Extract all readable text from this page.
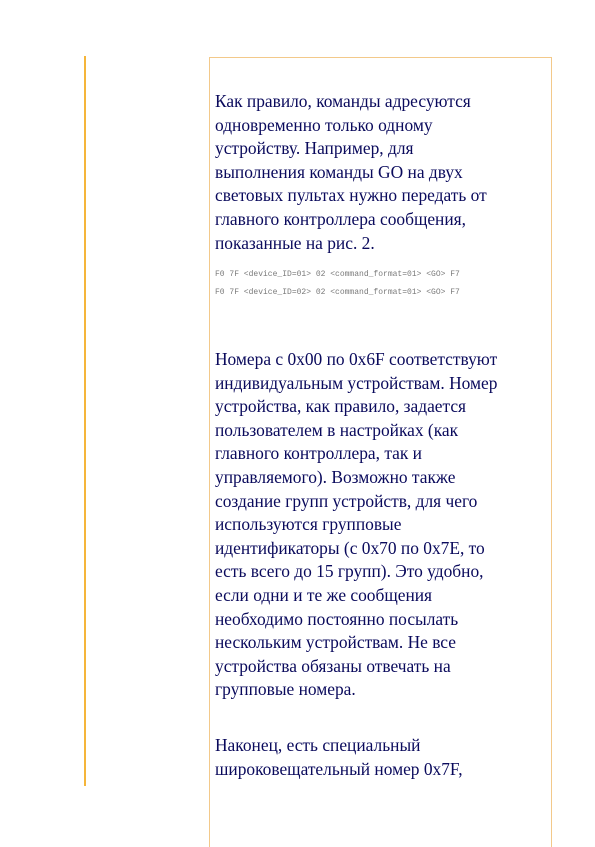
Как правило, команды адресуются
одновременно только одному
устройству. Например, для
выполнения команды GO на двух
световых пультах нужно передать от
главного контроллера сообщения,
показанные на рис. 2.

F0 7F <device_ID=01> 02 <command_format=01> <GO> F7
F0 7F <device_ID=02> 02 <command_format=01> <GO> F7

Номера с 0x00 по 0x6F соответствуют
индивидуальным устройствам. Номер
устройства, как правило, задается
пользователем в настройках (как
главного контроллера, так и
управляемого). Возможно также
создание групп устройств, для чего
используются групповые
идентификаторы (с 0x70 по 0x7E, то
есть всего до 15 групп). Это удобно,
если одни и те же сообщения
необходимо постоянно посылать
нескольким устройствам. Не все
устройства обязаны отвечать на
групповые номера.

Наконец, есть специальный
широковещательный номер 0x7F,
